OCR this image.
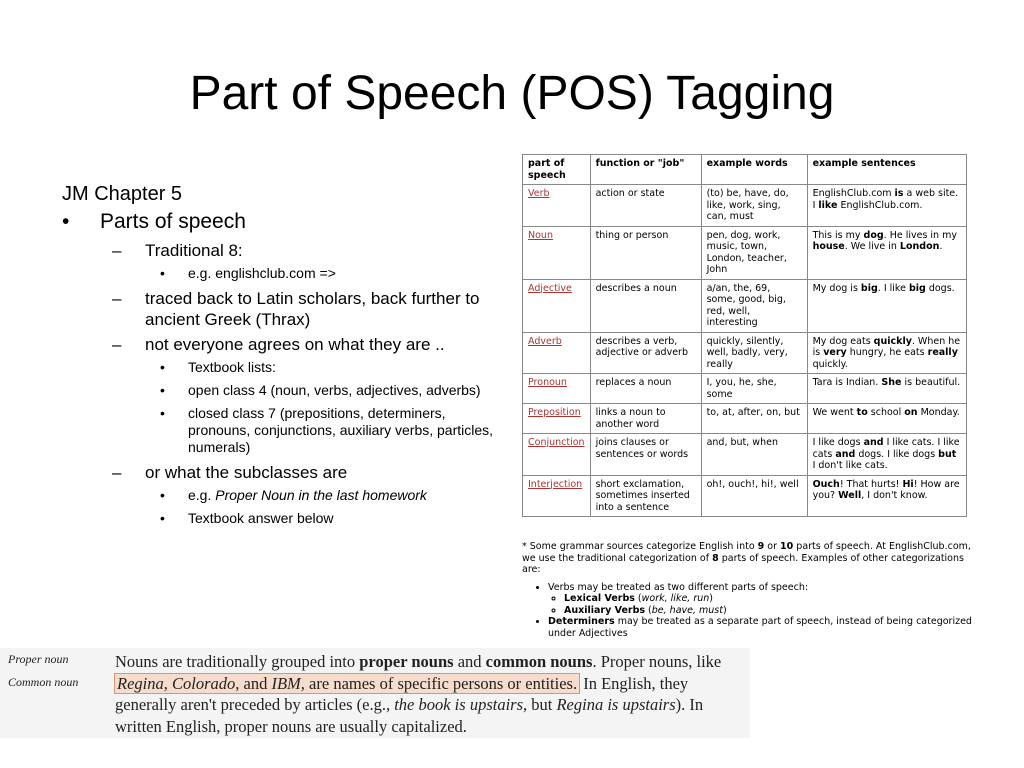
Part of Speech (POS) Tagging
JM Chapter 5
•	Parts of speech
–	Traditional 8:
•	e.g. englishclub.com =>
–	traced back to Latin scholars, back further to ancient Greek (Thrax)
–	not everyone agrees on what they are ..
•	Textbook lists:
•	open class 4 (noun, verbs, adjectives, adverbs)
•	closed class 7 (prepositions, determiners, pronouns, conjunctions, auxiliary verbs, particles, numerals)
–	or what the subclasses are
•	e.g. Proper Noun in the last homework
•	Textbook answer below
part of speech	function or "job"	example words	example sentences
Verb	action or state	(to) be, have, do, like, work, sing, can, must	EnglishClub.com is a web site. I like EnglishClub.com.
Noun	thing or person	pen, dog, work, music, town, London, teacher, John	This is my dog. He lives in my house. We live in London.
Adjective	describes a noun	a/an, the, 69, some, good, big, red, well, interesting	My dog is big. I like big dogs.
Adverb	describes a verb, adjective or adverb	quickly, silently, well, badly, very, really	My dog eats quickly. When he is very hungry, he eats really quickly.
Pronoun	replaces a noun	I, you, he, she, some	Tara is Indian. She is beautiful.
Preposition	links a noun to another word	to, at, after, on, but	We went to school on Monday.
Conjunction	joins clauses or sentences or words	and, but, when	I like dogs and I like cats. I like cats and dogs. I like dogs but I don't like cats.
Interjection	short exclamation, sometimes inserted into a sentence	oh!, ouch!, hi!, well	Ouch! That hurts! Hi! How are you? Well, I don't know.

* Some grammar sources categorize English into 9 or 10 parts of speech. At EnglishClub.com, we use the traditional categorization of 8 parts of speech. Examples of other categorizations are:

• Verbs may be treated as two different parts of speech:
◦ Lexical Verbs (work, like, run)
◦ Auxiliary Verbs (be, have, must)
• Determiners may be treated as a separate part of speech, instead of being categorized under Adjectives
Proper noun
Common noun
Nouns are traditionally grouped into proper nouns and common nouns. Proper nouns, like Regina, Colorado, and IBM, are names of specific persons or entities. In English, they generally aren't preceded by articles (e.g., the book is upstairs, but Regina is upstairs). In written English, proper nouns are usually capitalized.
